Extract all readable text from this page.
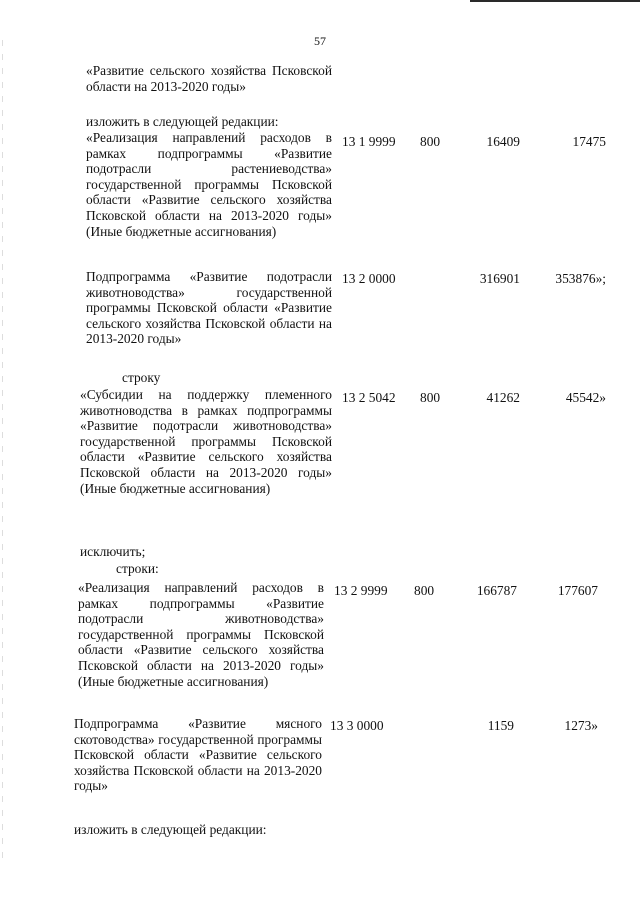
57
«Развитие сельского хозяйства Псковской области на 2013-2020 годы»
изложить в следующей редакции:
«Реализация направлений расходов в рамках подпрограммы «Развитие подотрасли растениеводства» государственной программы Псковской области «Развитие сельского хозяйства Псковской области на 2013-2020 годы» (Иные бюджетные ассигнования)
13 1 9999 800	16409	17475
Подпрограмма «Развитие подотрасли животноводства» государственной программы Псковской области «Развитие сельского хозяйства Псковской области на 2013-2020 годы»
13 2 0000	316901	353876»;
строку
«Субсидии на поддержку племенного животноводства в рамках подпрограммы «Развитие подотрасли животноводства» государственной программы Псковской области «Развитие сельского хозяйства Псковской области на 2013-2020 годы» (Иные бюджетные ассигнования)
13 2 5042 800	41262	45542»
исключить;
строки:
«Реализация направлений расходов в рамках подпрограммы «Развитие подотрасли животноводства» государственной программы Псковской области «Развитие сельского хозяйства Псковской области на 2013-2020 годы» (Иные бюджетные ассигнования)
13 2 9999 800	166787	177607
Подпрограмма «Развитие мясного скотоводства» государственной программы Псковской области «Развитие сельского хозяйства Псковской области на 2013-2020 годы»
13 3 0000	1159	1273»
изложить в следующей редакции:
